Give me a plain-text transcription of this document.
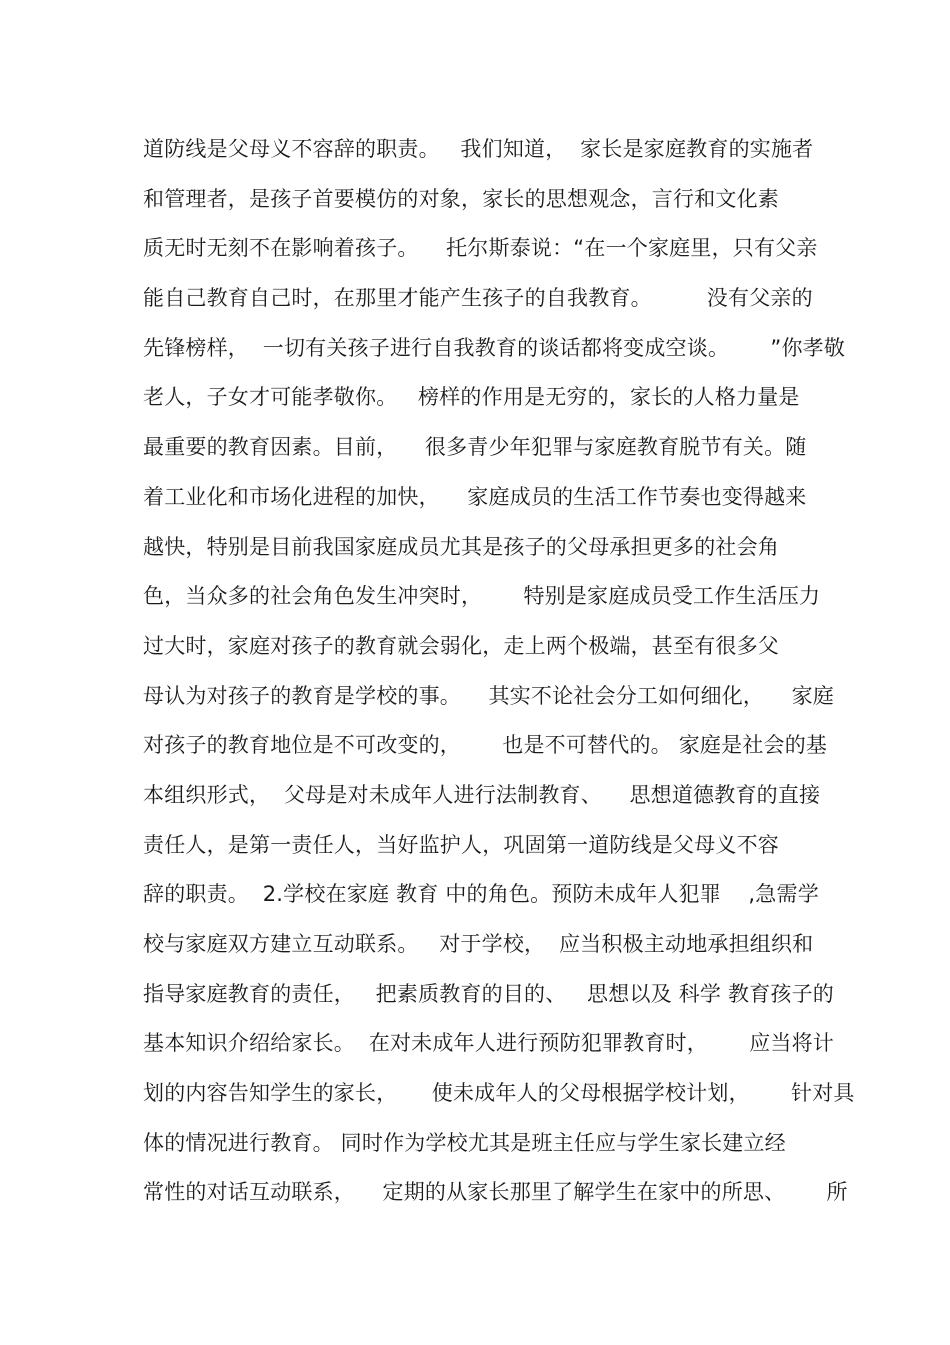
道防线是父母义不容辞的职责。   我们知道，  家长是家庭教育的实施者
和管理者，是孩子首要模仿的对象，家长的思想观念，言行和文化素
质无时无刻不在影响着孩子。    托尔斯泰说：“在一个家庭里，只有父亲
能自己教育自己时，在那里才能产生孩子的自我教育。        没有父亲的
先锋榜样，  一切有关孩子进行自我教育的谈话都将变成空谈。      ”你孝敬
老人，子女才可能孝敬你。   榜样的作用是无穷的，家长的人格力量是
最重要的教育因素。目前，    很多青少年犯罪与家庭教育脱节有关。随
着工业化和市场化进程的加快，    家庭成员的生活工作节奏也变得越来
越快，特别是目前我国家庭成员尤其是孩子的父母承担更多的社会角
色，当众多的社会角色发生冲突时，      特别是家庭成员受工作生活压力
过大时，家庭对孩子的教育就会弱化，走上两个极端，甚至有很多父
母认为对孩子的教育是学校的事。    其实不论社会分工如何细化，    家庭
对孩子的教育地位是不可改变的，      也是不可替代的。 家庭是社会的基
本组织形式，  父母是对未成年人进行法制教育、    思想道德教育的直接
责任人，是第一责任人，当好监护人，巩固第一道防线是父母义不容
辞的职责。  2.学校在家庭 教育 中的角色。预防未成年人犯罪    ,急需学
校与家庭双方建立互动联系。   对于学校，  应当积极主动地承担组织和
指导家庭教育的责任，   把素质教育的目的、   思想以及 科学 教育孩子的
基本知识介绍给家长。  在对未成年人进行预防犯罪教育时，      应当将计
划的内容告知学生的家长，     使未成年人的父母根据学校计划，      针对具
体的情况进行教育。 同时作为学校尤其是班主任应与学生家长建立经
常性的对话互动联系，    定期的从家长那里了解学生在家中的所思、      所
